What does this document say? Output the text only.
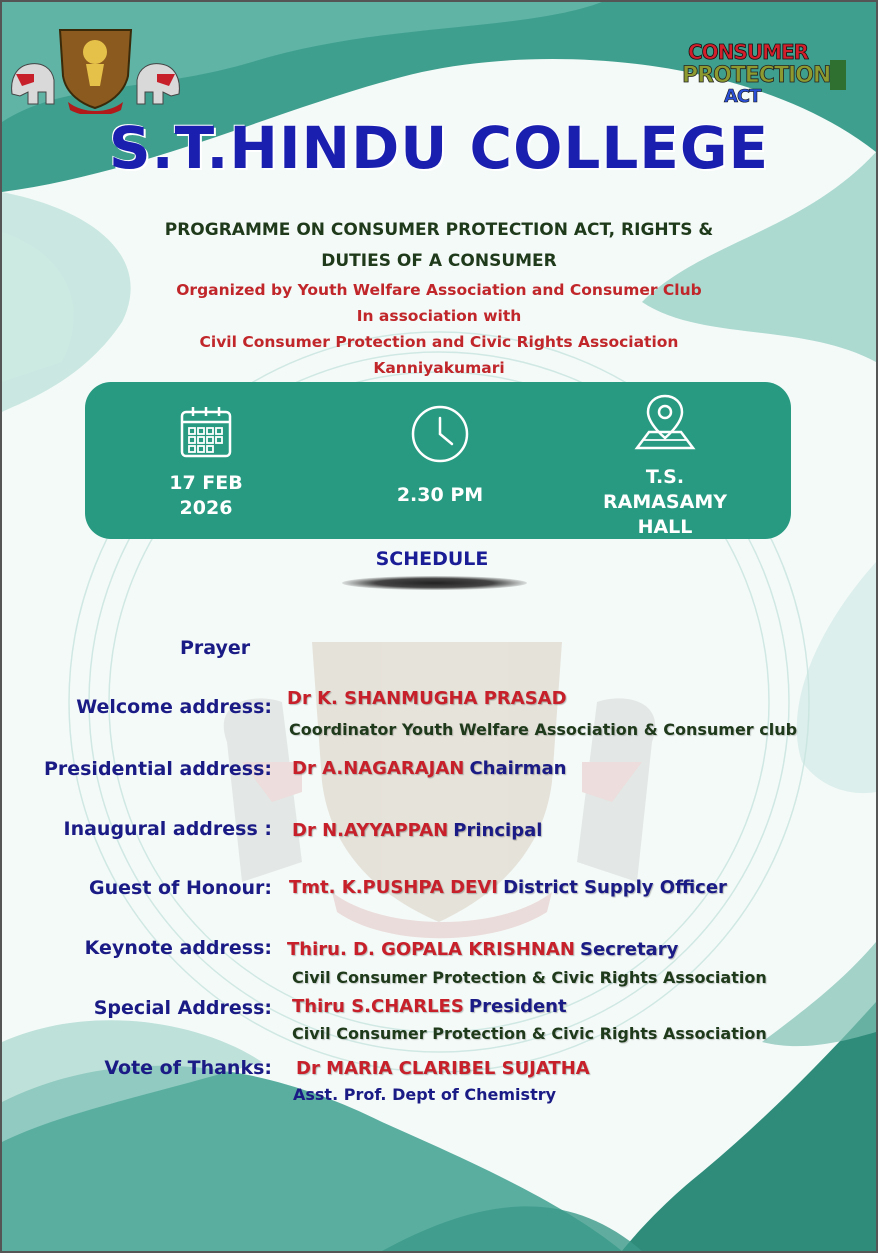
CONSUMER
PROTECTION
ACT
S.T.HINDU COLLEGE
PROGRAMME ON CONSUMER PROTECTION ACT, RIGHTS &
DUTIES OF A CONSUMER
Organized by Youth Welfare Association and Consumer Club
In association with
Civil Consumer Protection and Civic Rights Association
Kanniyakumari
17 FEB
2026
2.30 PM
T.S.
RAMASAMY
HALL
SCHEDULE
Prayer
Welcome address: Dr K. SHANMUGHA PRASAD
Coordinator Youth Welfare Association & Consumer club
Presidential address: Dr A.NAGARAJAN Chairman
Inaugural address : Dr N.AYYAPPAN Principal
Guest of Honour: Tmt. K.PUSHPA DEVI District Supply Officer
Keynote address: Thiru. D. GOPALA KRISHNAN Secretary
Civil Consumer Protection & Civic Rights Association
Special Address: Thiru S.CHARLES President
Civil Consumer Protection & Civic Rights Association
Vote of Thanks: Dr MARIA CLARIBEL SUJATHA
Asst. Prof. Dept of Chemistry
